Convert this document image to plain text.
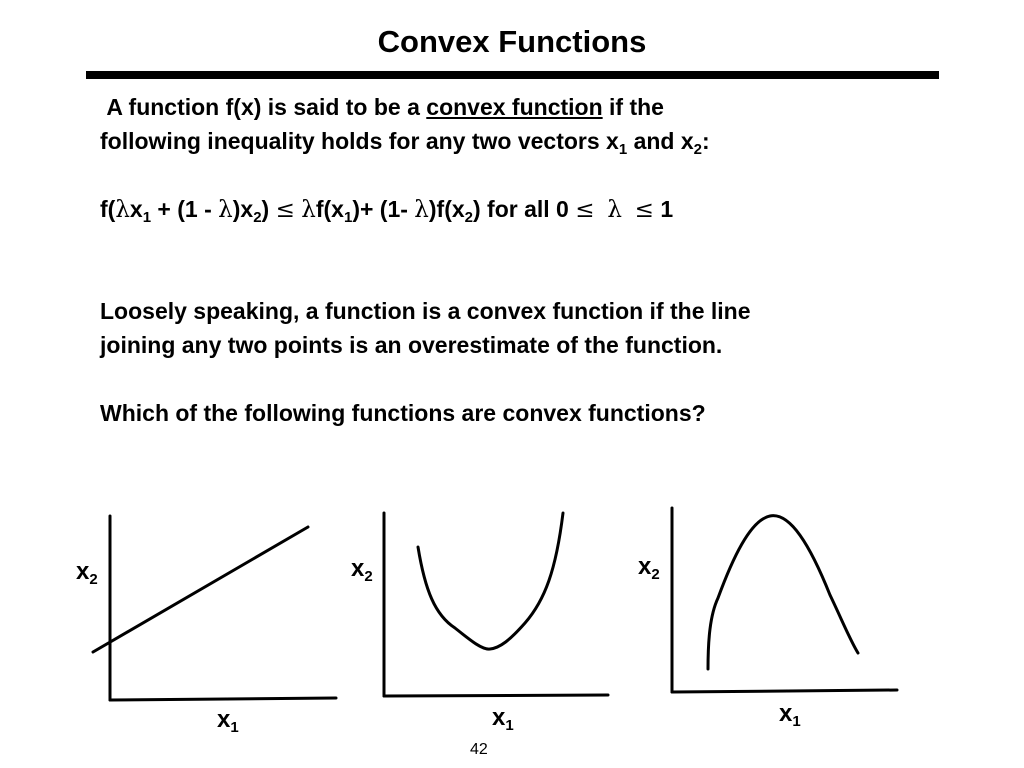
Convex Functions
A function f(x) is said to be a convex function if the
following inequality holds for any two vectors $x_1$ and $x_2$:
$f(\lambda x_1 + (1 - \lambda)x_2) \le \lambda f(x_1)+ (1-$ $\lambda)f(x_2)$ for all 0 ≤ λ ≤ 1
Loosely speaking, a function is a convex function if the line
joining any two points is an overestimate of the function.
Which of the following functions are convex functions?
$x_2$
$x_1$
$x_2$
$x_1$
$x_2$
$x_1$
42
